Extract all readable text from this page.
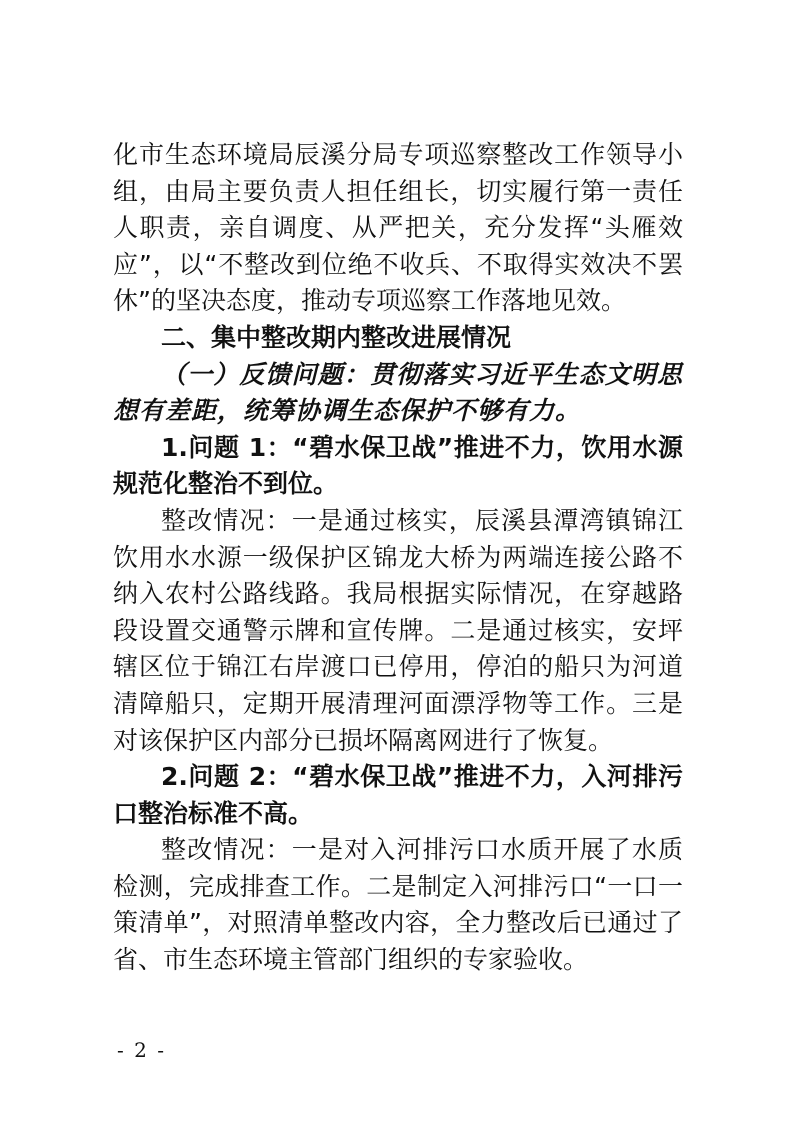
化市生态环境局辰溪分局专项巡察整改工作领导小组，由局主要负责人担任组长，切实履行第一责任人职责，亲自调度、从严把关，充分发挥“头雁效应”，以“不整改到位绝不收兵、不取得实效决不罢休”的坚决态度，推动专项巡察工作落地见效。

二、集中整改期内整改进展情况

（一）反馈问题：贯彻落实习近平生态文明思想有差距，统筹协调生态保护不够有力。

1.问题 1：“碧水保卫战”推进不力，饮用水源规范化整治不到位。

整改情况：一是通过核实，辰溪县潭湾镇锦江饮用水水源一级保护区锦龙大桥为两端连接公路不纳入农村公路线路。我局根据实际情况，在穿越路段设置交通警示牌和宣传牌。二是通过核实，安坪辖区位于锦江右岸渡口已停用，停泊的船只为河道清障船只，定期开展清理河面漂浮物等工作。三是对该保护区内部分已损坏隔离网进行了恢复。

2.问题 2：“碧水保卫战”推进不力，入河排污口整治标准不高。

整改情况：一是对入河排污口水质开展了水质检测，完成排查工作。二是制定入河排污口“一口一策清单”，对照清单整改内容，全力整改后已通过了省、市生态环境主管部门组织的专家验收。

- 2 -
